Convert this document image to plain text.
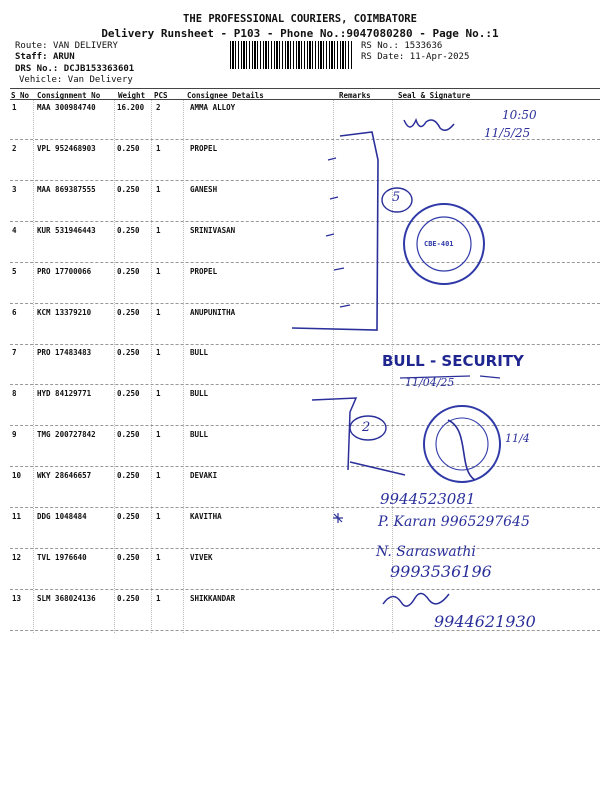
THE PROFESSIONAL COURIERS, COIMBATORE
Delivery Runsheet - P103 - Phone No.:9047080280 - Page No.:1
Route: VAN DELIVERY
Staff: ARUN
DRS No.: DCJB153363601
Vehicle: Van Delivery
RS No.: 1533636
RS Date: 11-Apr-2025
S No Consignment No Weight PCS	Consignee Details	Remarks	Seal & Signature
1	MAA 300984740	16.200 2	AMMA ALLOY
2	VPL 952468903	0.250 1	PROPEL
3	MAA 869387555	0.250 1	GANESH
4	KUR 531946443	0.250 1	SRINIVASAN
5	PRO 17700066	0.250 1	PROPEL
6	KCM 13379210	0.250 1	ANUPUNITHA
7	PRO 17483483	0.250 1	BULL
8	HYD 84129771	0.250 1	BULL
9	TMG 200727842	0.250 1	BULL
10 WKY 28646657	0.250 1	DEVAKI
11 DDG 1048484	0.250 1	KAVITHA
12 TVL 1976640	0.250 1	VIVEK
13 SLM 368024136	0.250 1	SHIKKANDAR
10:50
11/5/25
5
CBE-401
2
BULL - SECURITY
11/04/25
11/4
9944523081
P. Karan 9965297645
N. Saraswathi
9993536196
9944621930
